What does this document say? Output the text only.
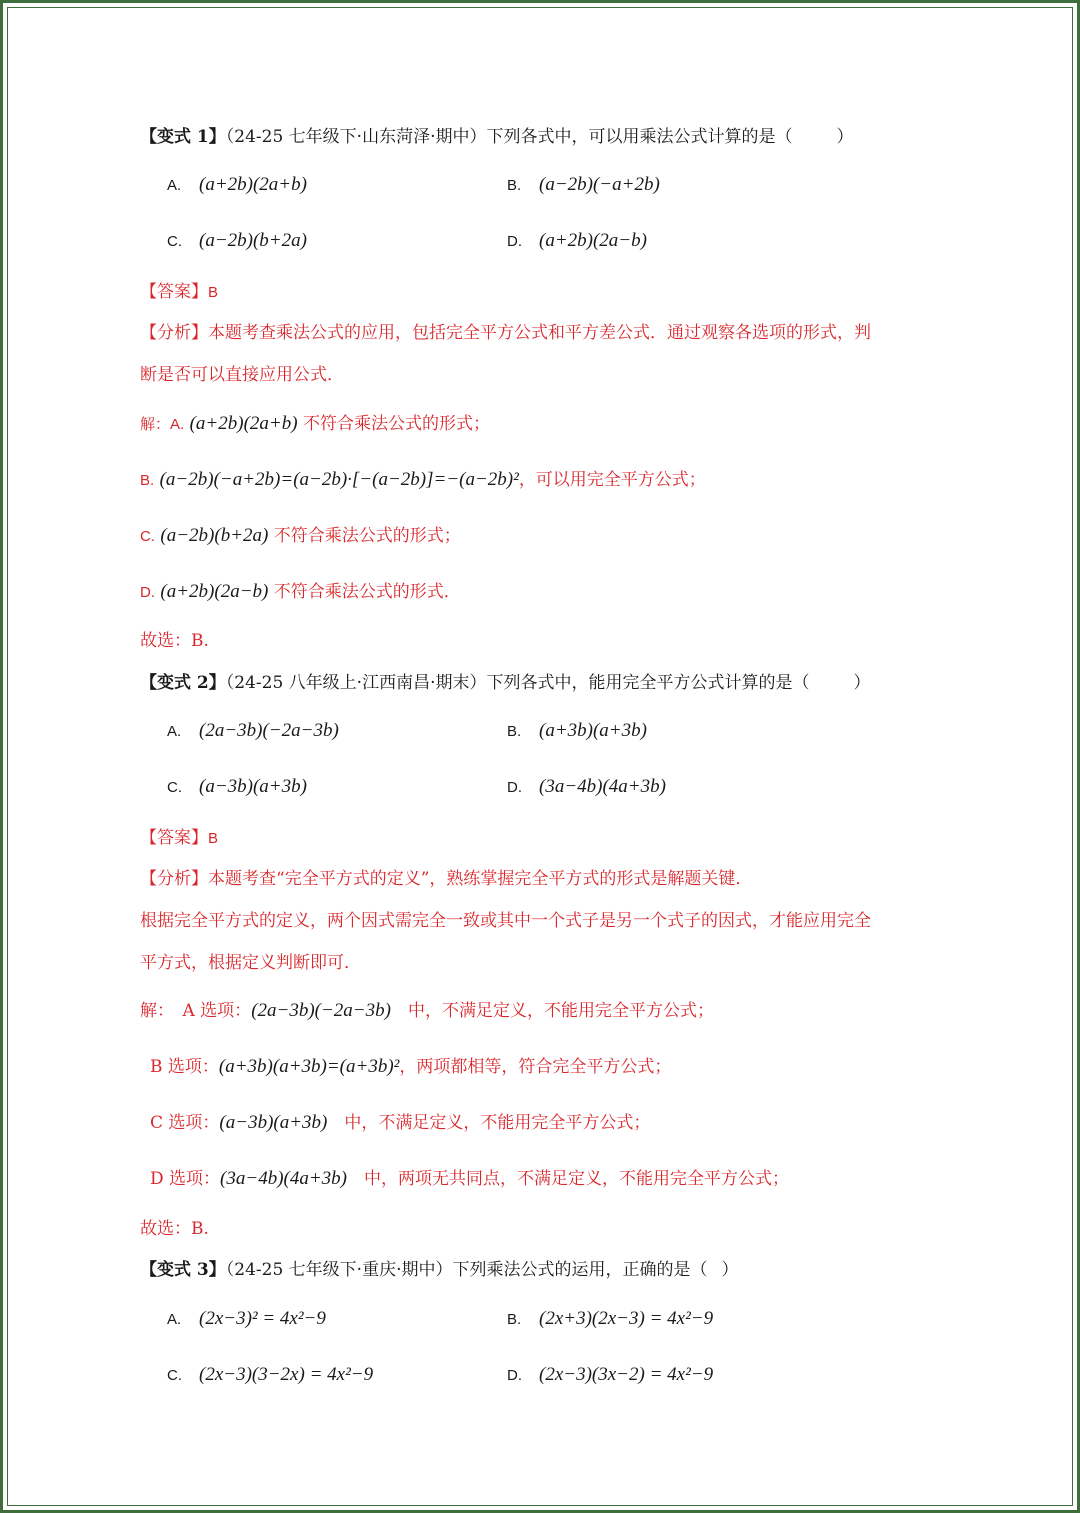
【变式 1】（24-25 七年级下·山东菏泽·期中）下列各式中，可以用乘法公式计算的是（	）
A. (a+2b)(2a+b)	B. (a−2b)(−a+2b)
C. (a−2b)(b+2a)	D. (a+2b)(2a−b)
【答案】B
【分析】本题考查乘法公式的应用，包括完全平方公式和平方差公式．通过观察各选项的形式，判
断是否可以直接应用公式．
解：A. (a+2b)(2a+b) 不符合乘法公式的形式；
B. (a−2b)(−a+2b)=(a−2b)·[−(a−2b)]=−(a−2b)²，可以用完全平方公式；
C. (a−2b)(b+2a) 不符合乘法公式的形式；
D. (a+2b)(2a−b) 不符合乘法公式的形式．
故选：B.
【变式 2】（24-25 八年级上·江西南昌·期末）下列各式中，能用完全平方公式计算的是（	）
A. (2a−3b)(−2a−3b)	B. (a+3b)(a+3b)
C. (a−3b)(a+3b)	D. (3a−4b)(4a+3b)
【答案】B
【分析】本题考查“完全平方式的定义”，熟练掌握完全平方式的形式是解题关键．
根据完全平方式的定义，两个因式需完全一致或其中一个式子是另一个式子的因式，才能应用完全
平方式，根据定义判断即可．
解：　A 选项：(2a−3b)(−2a−3b)　 中，不满足定义，不能用完全平方公式；
B 选项：(a+3b)(a+3b)=(a+3b)²，两项都相等，符合完全平方公式；
C 选项：(a−3b)(a+3b)　 中，不满足定义，不能用完全平方公式；
D 选项：(3a−4b)(4a+3b)　 中，两项无共同点，不满足定义，不能用完全平方公式；
故选：B.
【变式 3】（24-25 七年级下·重庆·期中）下列乘法公式的运用，正确的是（ ）
A. (2x−3)² = 4x²−9	B. (2x+3)(2x−3) = 4x²−9
C. (2x−3)(3−2x) = 4x²−9	D. (2x−3)(3x−2) = 4x²−9
